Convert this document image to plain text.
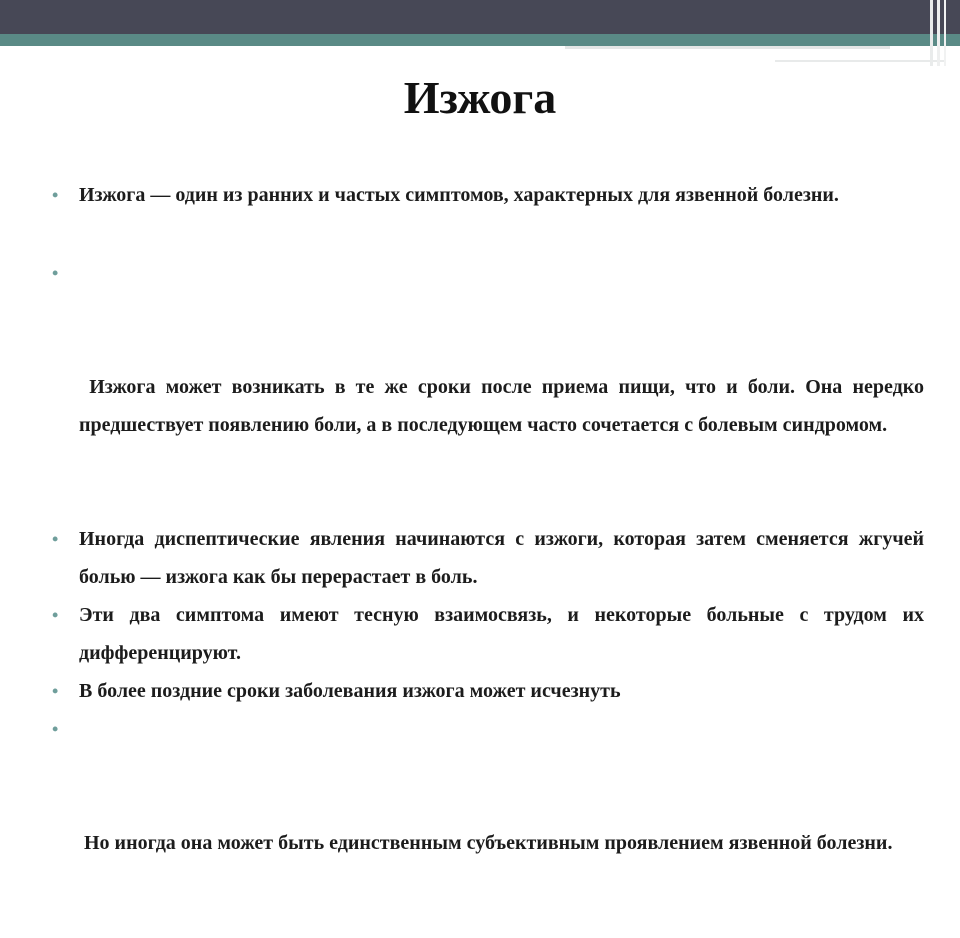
Изжога
• Изжога — один из ранних и частых симптомов, характерных для язвенной болезни.

•

Изжога может возникать в те же сроки после приема пищи, что и боли. Она нередко предшествует появлению боли, а в последующем часто сочетается с болевым синдромом.

• Иногда диспептические явления начинаются с изжоги, которая затем сменяется жгучей болью — изжога как бы перерастает в боль.
• Эти два симптома имеют тесную взаимосвязь, и некоторые больные с трудом их дифференцируют.
• В более поздние сроки заболевания изжога может исчезнуть

•

Но иногда она может быть единственным субъективным проявлением язвенной болезни.
